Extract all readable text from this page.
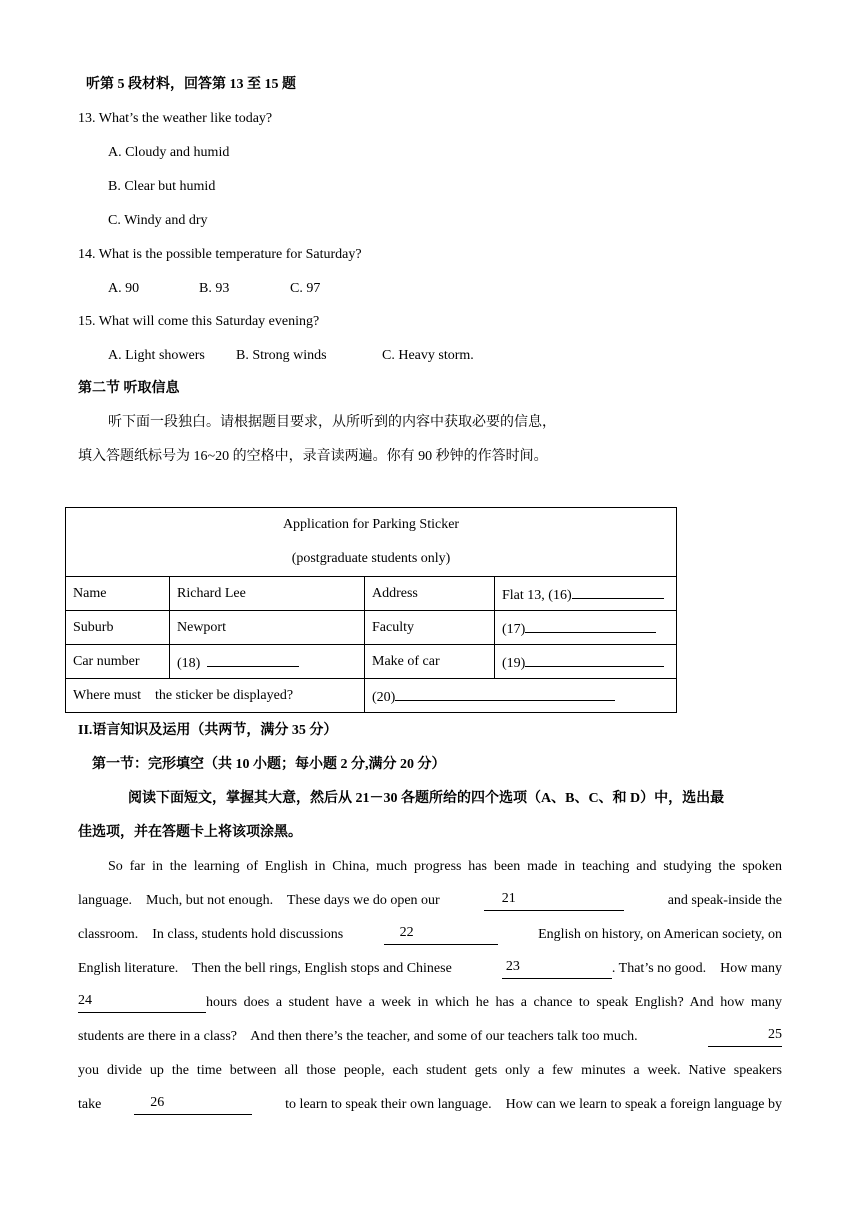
听第 5 段材料，回答第 13 至 15 题
13. What’s the weather like today?
A. Cloudy and humid
B. Clear but humid
C. Windy and dry
14. What is the possible temperature for Saturday?
A. 90	B. 93	C. 97
15. What will come this Saturday evening?
A. Light showers B. Strong winds	C. Heavy storm.
第二节 听取信息
听下面一段独白。请根据题目要求，从所听到的内容中获取必要的信息，
填入答题纸标号为 16~20 的空格中，录音读两遍。你有 90 秒钟的作答时间。
Application for Parking Sticker
(postgraduate students only)			

Name	Richard Lee	Address	Flat 13, (16)
Suburb	Newport	Faculty	(17)
Car number	(18)	Make of car	(19)
Where must    the sticker be displayed?		(20)	
II.语言知识及运用（共两节，满分 35 分）
第一节：完形填空（共 10 小题；每小题 2 分,满分 20 分）
阅读下面短文，掌握其大意，然后从 21－30 各题所给的四个选项（A、B、C、和 D）中，选出最
佳选项，并在答题卡上将该项涂黑。
So far in the learning of English in China, much progress has been made in teaching and studying the spoken
language.    Much, but not enough.    These days we do open our	21	and speak-inside the
classroom.    In class, students hold discussions	22	English on history, on American society, on
English literature.    Then the bell rings, English stops and Chinese	23	. That’s no good.    How many
24	hours does a student have a week in which he has a chance to speak English? And how many
students are there in a class?    And then there’s the teacher, and some of our teachers talk too much.	25
you divide up the time between all those people, each student gets only a few minutes a week. Native speakers
take	26	to learn to speak their own language.    How can we learn to speak a foreign language by
